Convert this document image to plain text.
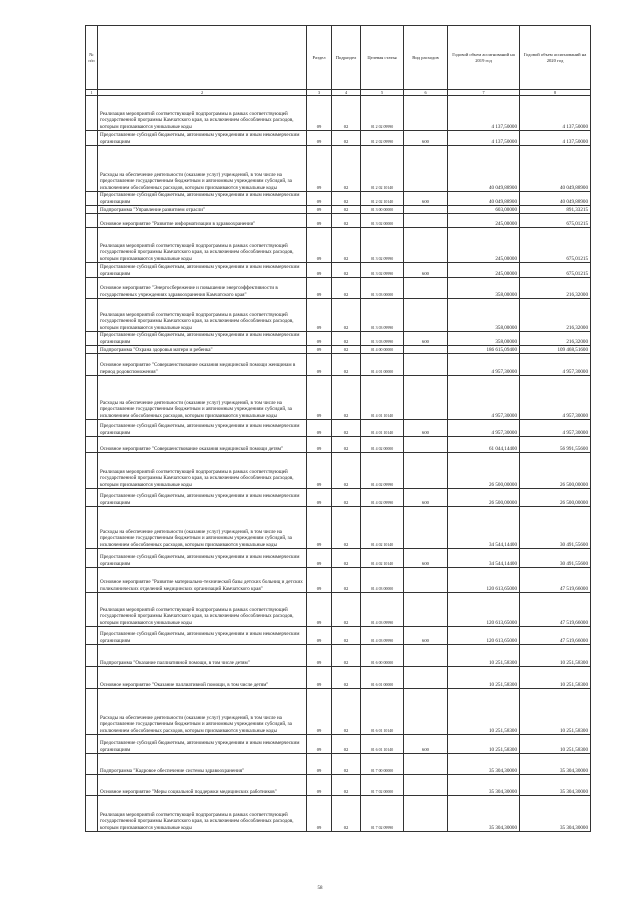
№ п/п		Раздел	Подраздел	Целевая статья	Вид расходов	Годовой объем ассигнований на 2019 год	Годовой объем ассигнований на 2020 год
1	2	3	4	5	6	7	8
	Реализация мероприятий соответствующей подпрограммы в рамках соответствующей государственной программы Камчатского края, за исключением обособленных расходов, которым присваиваются уникальные коды	09	02	01 2 02 09990		4 137,50000	4 137,50000
	Предоставление субсидий бюджетным, автономным учреждениям и иным некоммерческим организациям	09	02	01 2 02 09990	600	4 137,50000	4 137,50000
	Расходы на обеспечение деятельности (оказание услуг) учреждений, в том числе на предоставление государственным бюджетным и автономным учреждениям субсидий, за исключением обособленных расходов, которым присваиваются уникальные коды	09	02	01 2 02 10140		40 049,88900	40 049,88900
	Предоставление субсидий бюджетным, автономным учреждениям и иным некоммерческим организациям	09	02	01 2 02 10140	600	40 049,88900	40 049,88900
	Подпрограмма "Управление развитием отрасли"	09	02	01 3 00 00000		603,00000	891,33215
	Основное мероприятие "Развитие информатизации в здравоохранении"	09	02	01 3 02 00000		245,00000	675,01215
	Реализация мероприятий соответствующей подпрограммы в рамках соответствующей государственной программы Камчатского края, за исключением обособленных расходов, которым присваиваются уникальные коды	09	02	01 3 02 09990		245,00000	675,01215
	Предоставление субсидий бюджетным, автономным учреждениям и иным некоммерческим организациям	09	02	01 3 02 09990	600	245,00000	675,01215
	Основное мероприятие "Энергосбережение и повышение энергоэффективности в государственных учреждениях здравоохранения Камчатского края"	09	02	01 3 03 00000		358,00000	216,32000
	Реализация мероприятий соответствующей подпрограммы в рамках соответствующей государственной программы Камчатского края, за исключением обособленных расходов, которым присваиваются уникальные коды	09	02	01 3 03 09990		358,00000	216,32000
	Предоставление субсидий бюджетным, автономным учреждениям и иным некоммерческим организациям	09	02	01 3 03 09990	600	358,00000	216,32000
	Подпрограмма "Охрана здоровья матери и ребенка"	09	02	01 4 00 00000		186 615,09400	109 468,51600
	Основное мероприятие "Совершенствование оказания медицинской помощи женщинам в период родовспоможения"	09	02	01 4 01 00000		4 957,30000	4 957,30000
	Расходы на обеспечение деятельности (оказание услуг) учреждений, в том числе на предоставление государственным бюджетным и автономным учреждениям субсидий, за исключением обособленных расходов, которым присваиваются уникальные коды	09	02	01 4 01 10140		4 957,30000	4 957,30000
	Предоставление субсидий бюджетным, автономным учреждениям и иным некоммерческим организациям	09	02	01 4 01 10140	600	4 957,30000	4 957,30000
	Основное мероприятие "Совершенствование оказания медицинской помощи детям"	09	02	01 4 02 00000		61 044,14400	56 991,55600
	Реализация мероприятий соответствующей подпрограммы в рамках соответствующей государственной программы Камчатского края, за исключением обособленных расходов, которым присваиваются уникальные коды	09	02	01 4 02 09990		26 500,00000	26 500,00000
	Предоставление субсидий бюджетным, автономным учреждениям и иным некоммерческим организациям	09	02	01 4 02 09990	600	26 500,00000	26 500,00000
	Расходы на обеспечение деятельности (оказание услуг) учреждений, в том числе на предоставление государственным бюджетным и автономным учреждениям субсидий, за исключением обособленных расходов, которым присваиваются уникальные коды	09	02	01 4 02 10140		34 544,14400	30 491,55600
	Предоставление субсидий бюджетным, автономным учреждениям и иным некоммерческим организациям	09	02	01 4 02 10140	600	34 544,14400	30 491,55600
	Основное мероприятие "Развитие материально-технической базы детских больниц и детских поликлинических отделений медицинских организаций Камчатского края"	09	02	01 4 03 00000		120 613,65000	47 519,66000
	Реализация мероприятий соответствующей подпрограммы в рамках соответствующей государственной программы Камчатского края, за исключением обособленных расходов, которым присваиваются уникальные коды	09	02	01 4 03 09990		120 613,65000	47 519,66000
	Предоставление субсидий бюджетным, автономным учреждениям и иным некоммерческим организациям	09	02	01 4 03 09990	600	120 613,65000	47 519,66000
	Подпрограмма "Оказание паллиативной помощи, в том числе детям"	09	02	01 6 00 00000		10 251,58300	10 251,58300
	Основное мероприятие "Оказание паллиативной помощи, в том числе детям"	09	02	01 6 01 00000		10 251,58300	10 251,58300
	Расходы на обеспечение деятельности (оказание услуг) учреждений, в том числе на предоставление государственным бюджетным и автономным учреждениям субсидий, за исключением обособленных расходов, которым присваиваются уникальные коды	09	02	01 6 01 10140		10 251,58300	10 251,58300
	Предоставление субсидий бюджетным, автономным учреждениям и иным некоммерческим организациям	09	02	01 6 01 10140	600	10 251,58300	10 251,58300
	Подпрограмма "Кадровое обеспечение системы здравоохранения"	09	02	01 7 00 00000		35 304,30000	35 304,30000
	Основное мероприятие "Меры социальной поддержки медицинских работников"	09	02	01 7 02 00000		35 304,30000	35 304,30000
	Реализация мероприятий соответствующей подпрограммы в рамках соответствующей государственной программы Камчатского края, за исключением обособленных расходов, которым присваиваются уникальные коды	09	02	01 7 02 09990		35 304,30000	35 304,30000
58
